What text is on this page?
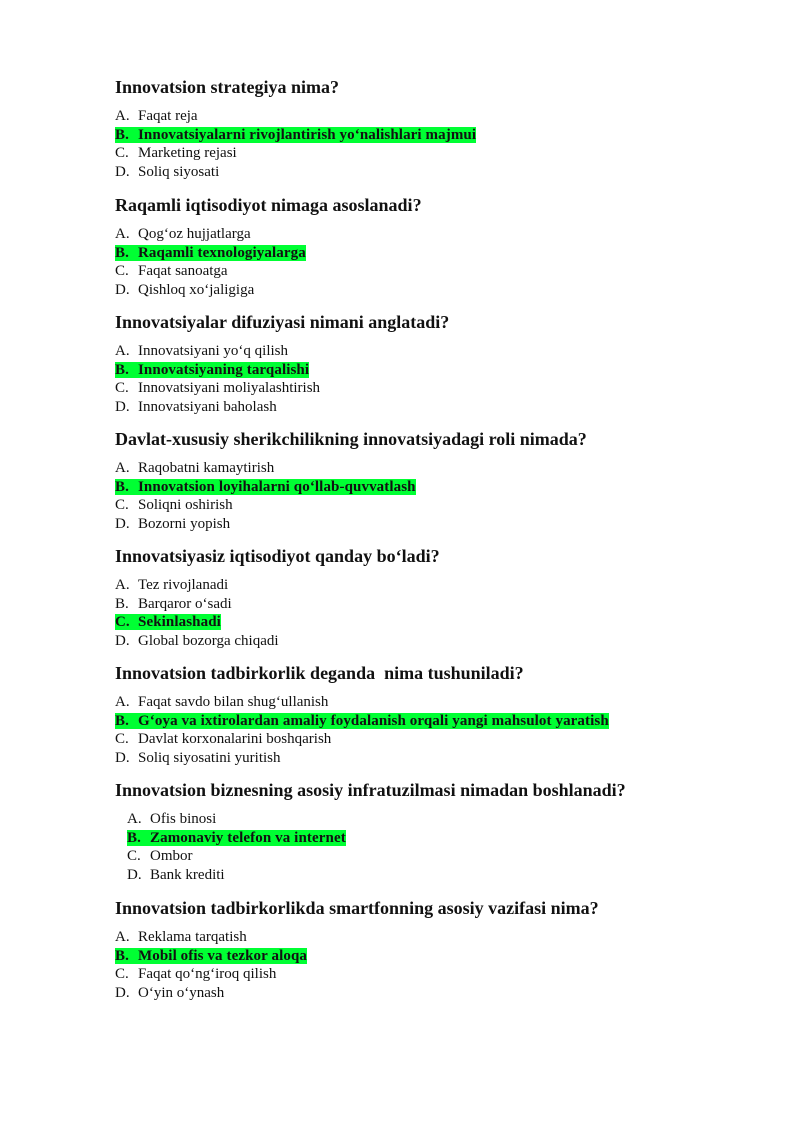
Innovatsion strategiya nima?
A. Faqat reja
B. Innovatsiyalarni rivojlantirish yo‘nalishlari majmui
C. Marketing rejasi
D. Soliq siyosati
Raqamli iqtisodiyot nimaga asoslanadi?
A. Qog‘oz hujjatlarga
B. Raqamli texnologiyalarga
C. Faqat sanoatga
D. Qishloq xo‘jaligiga
Innovatsiyalar difuziyasi nimani anglatadi?
A. Innovatsiyani yo‘q qilish
B. Innovatsiyaning tarqalishi
C. Innovatsiyani moliyalashtirish
D. Innovatsiyani baholash
Davlat-xususiy sherikchilikning innovatsiyadagi roli nimada?
A. Raqobatni kamaytirish
B. Innovatsion loyihalarni qo‘llab-quvvatlash
C. Soliqni oshirish
D. Bozorni yopish
Innovatsiyasiz iqtisodiyot qanday bo‘ladi?
A. Tez rivojlanadi
B. Barqaror o‘sadi
C. Sekinlashadi
D. Global bozorga chiqadi
Innovatsion tadbirkorlik deganda  nima tushuniladi?
A. Faqat savdo bilan shug‘ullanish
B. G‘oya va ixtirolardan amaliy foydalanish orqali yangi mahsulot yaratish
C. Davlat korxonalarini boshqarish
D. Soliq siyosatini yuritish
Innovatsion biznesning asosiy infratuzilmasi nimadan boshlanadi?
A. Ofis binosi
B. Zamonaviy telefon va internet
C. Ombor
D. Bank krediti
Innovatsion tadbirkorlikda smartfonning asosiy vazifasi nima?
A. Reklama tarqatish
B. Mobil ofis va tezkor aloqa
C. Faqat qo‘ng‘iroq qilish
D. O‘yin o‘ynash
